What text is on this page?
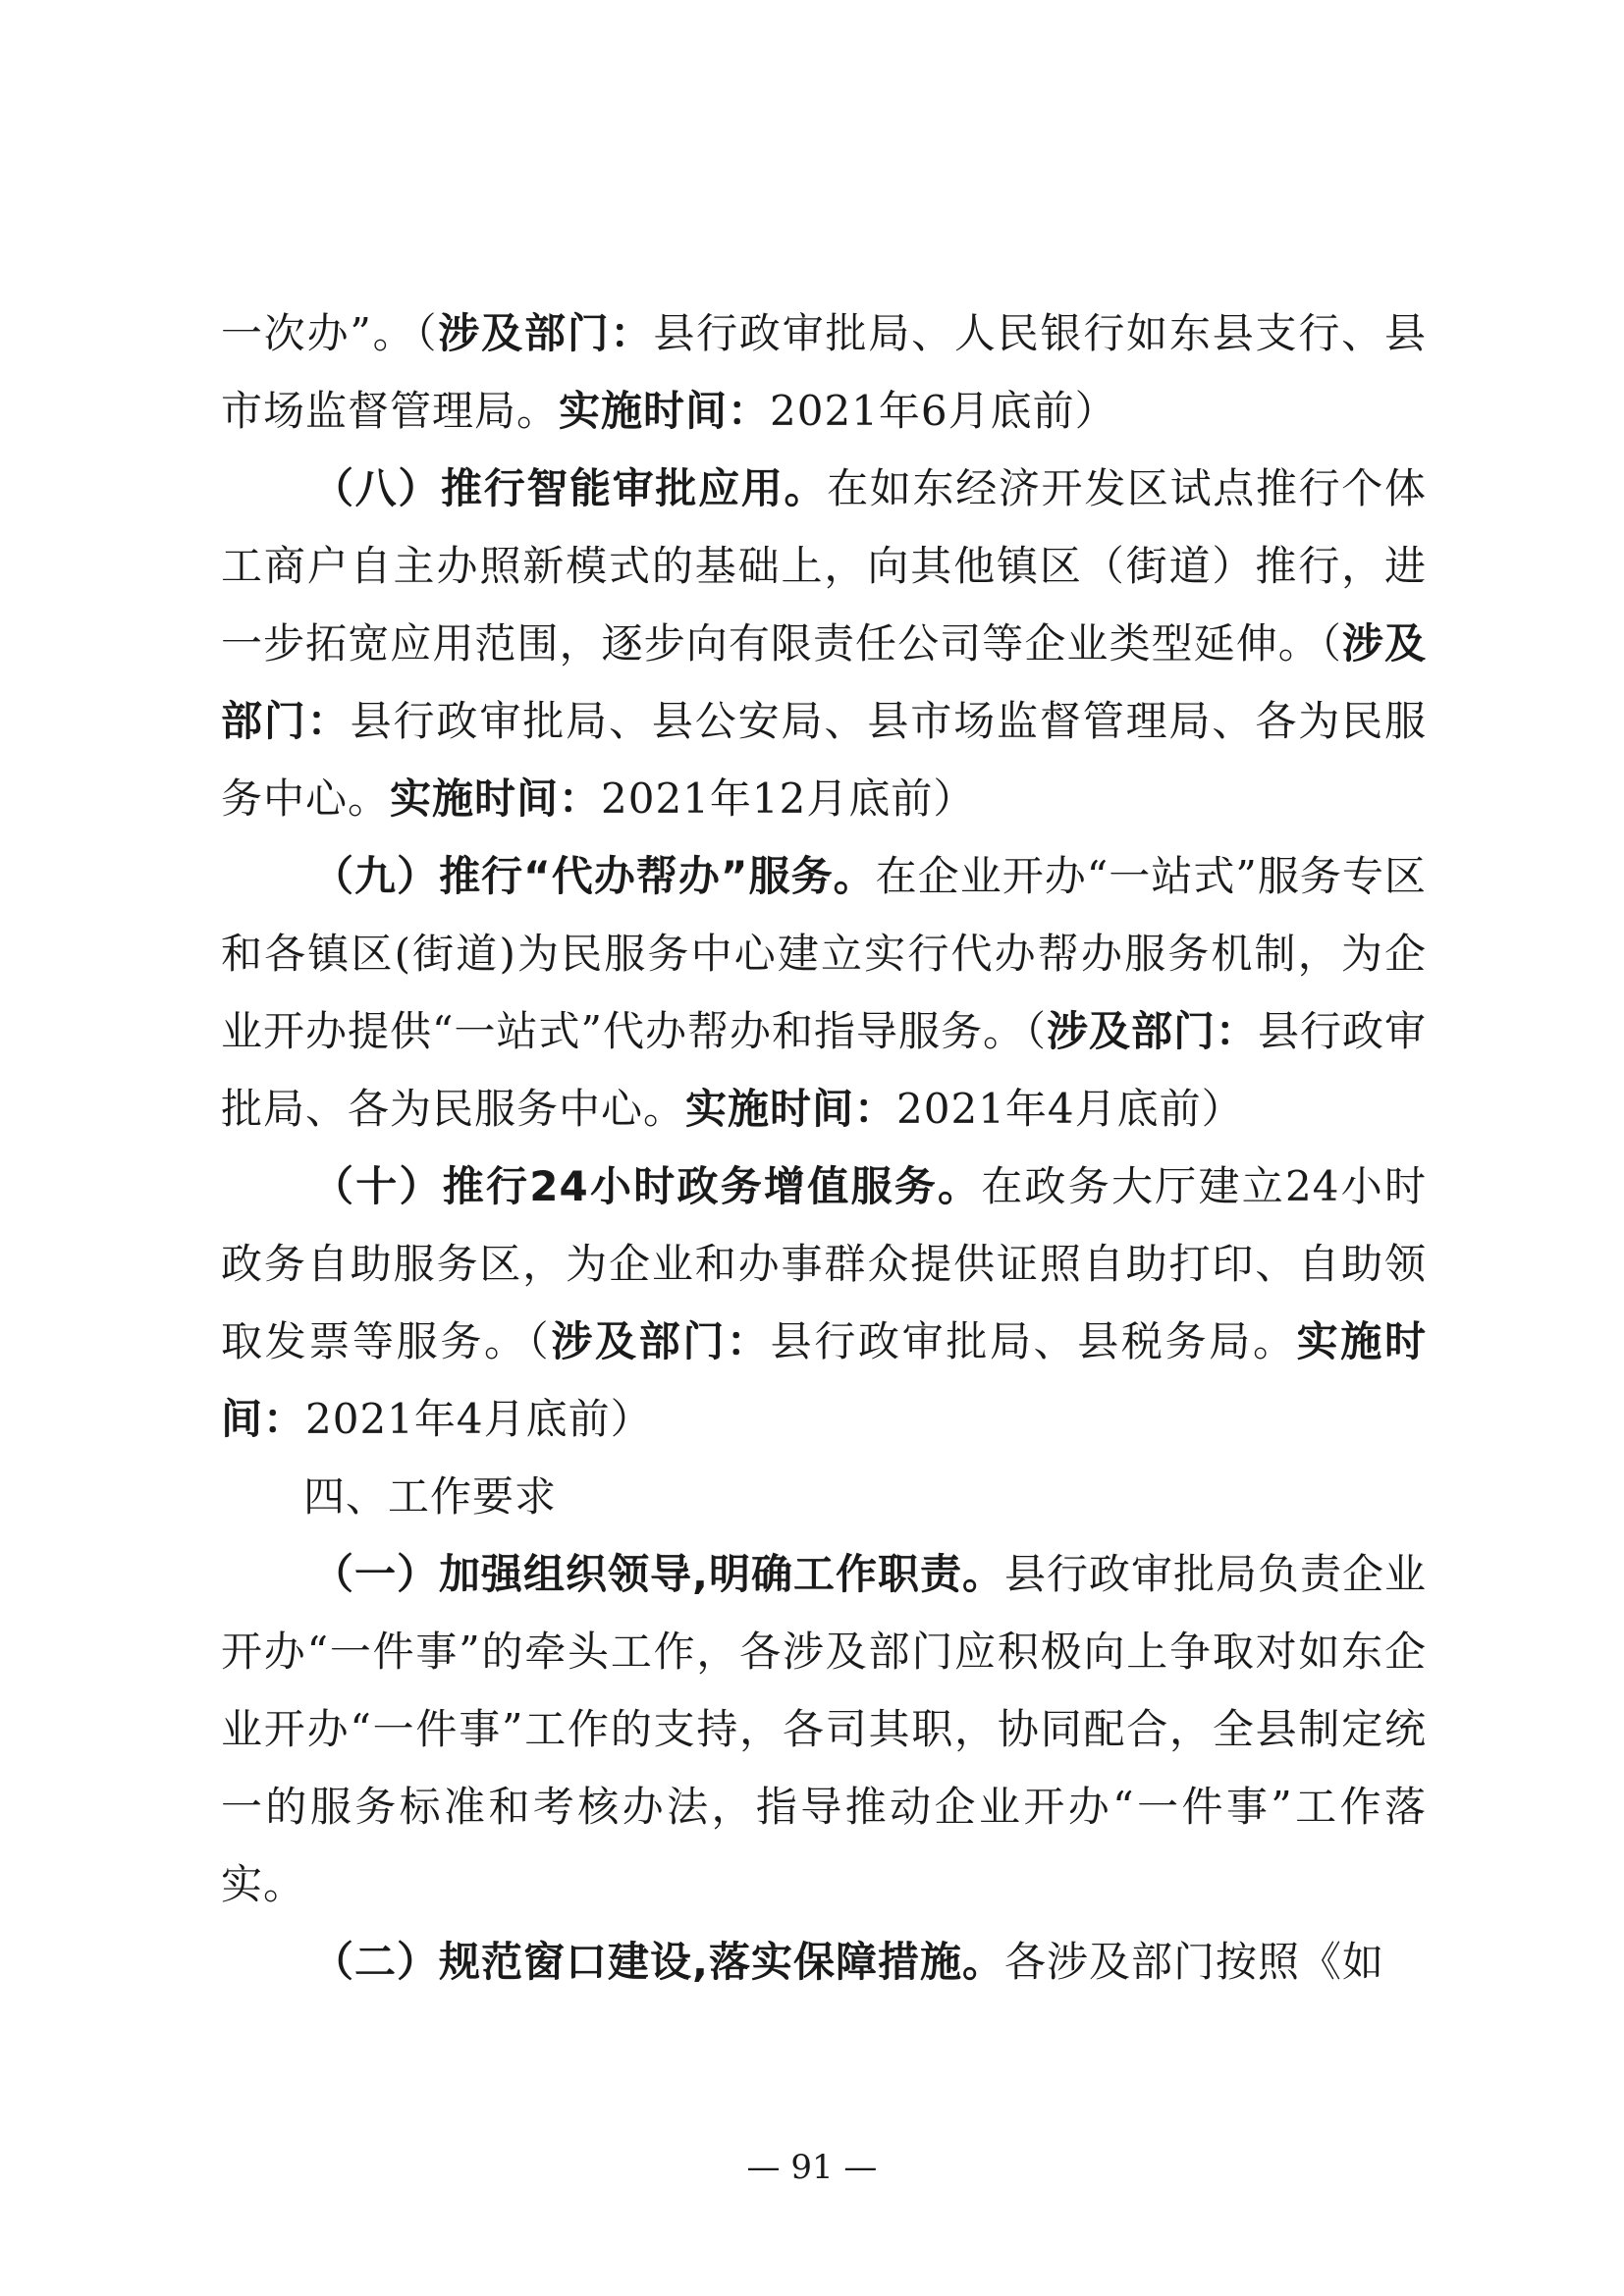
一次办”。（涉及部门：县行政审批局、人民银行如东县支行、县市场监督管理局。实施时间：2021年6月底前）

（八）推行智能审批应用。在如东经济开发区试点推行个体工商户自主办照新模式的基础上，向其他镇区（街道）推行，进一步拓宽应用范围，逐步向有限责任公司等企业类型延伸。（涉及部门：县行政审批局、县公安局、县市场监督管理局、各为民服务中心。实施时间：2021年12月底前）

（九）推行“代办帮办”服务。在企业开办“一站式”服务专区和各镇区(街道)为民服务中心建立实行代办帮办服务机制，为企业开办提供“一站式”代办帮办和指导服务。（涉及部门：县行政审批局、各为民服务中心。实施时间：2021年4月底前）

（十）推行24小时政务增值服务。在政务大厅建立24小时政务自助服务区，为企业和办事群众提供证照自助打印、自助领取发票等服务。（涉及部门：县行政审批局、县税务局。实施时间：2021年4月底前）

四、工作要求

（一）加强组织领导,明确工作职责。县行政审批局负责企业开办“一件事”的牵头工作，各涉及部门应积极向上争取对如东企业开办“一件事”工作的支持，各司其职，协同配合，全县制定统一的服务标准和考核办法，指导推动企业开办“一件事”工作落实。

（二）规范窗口建设,落实保障措施。各涉及部门按照《如

— 91 —
